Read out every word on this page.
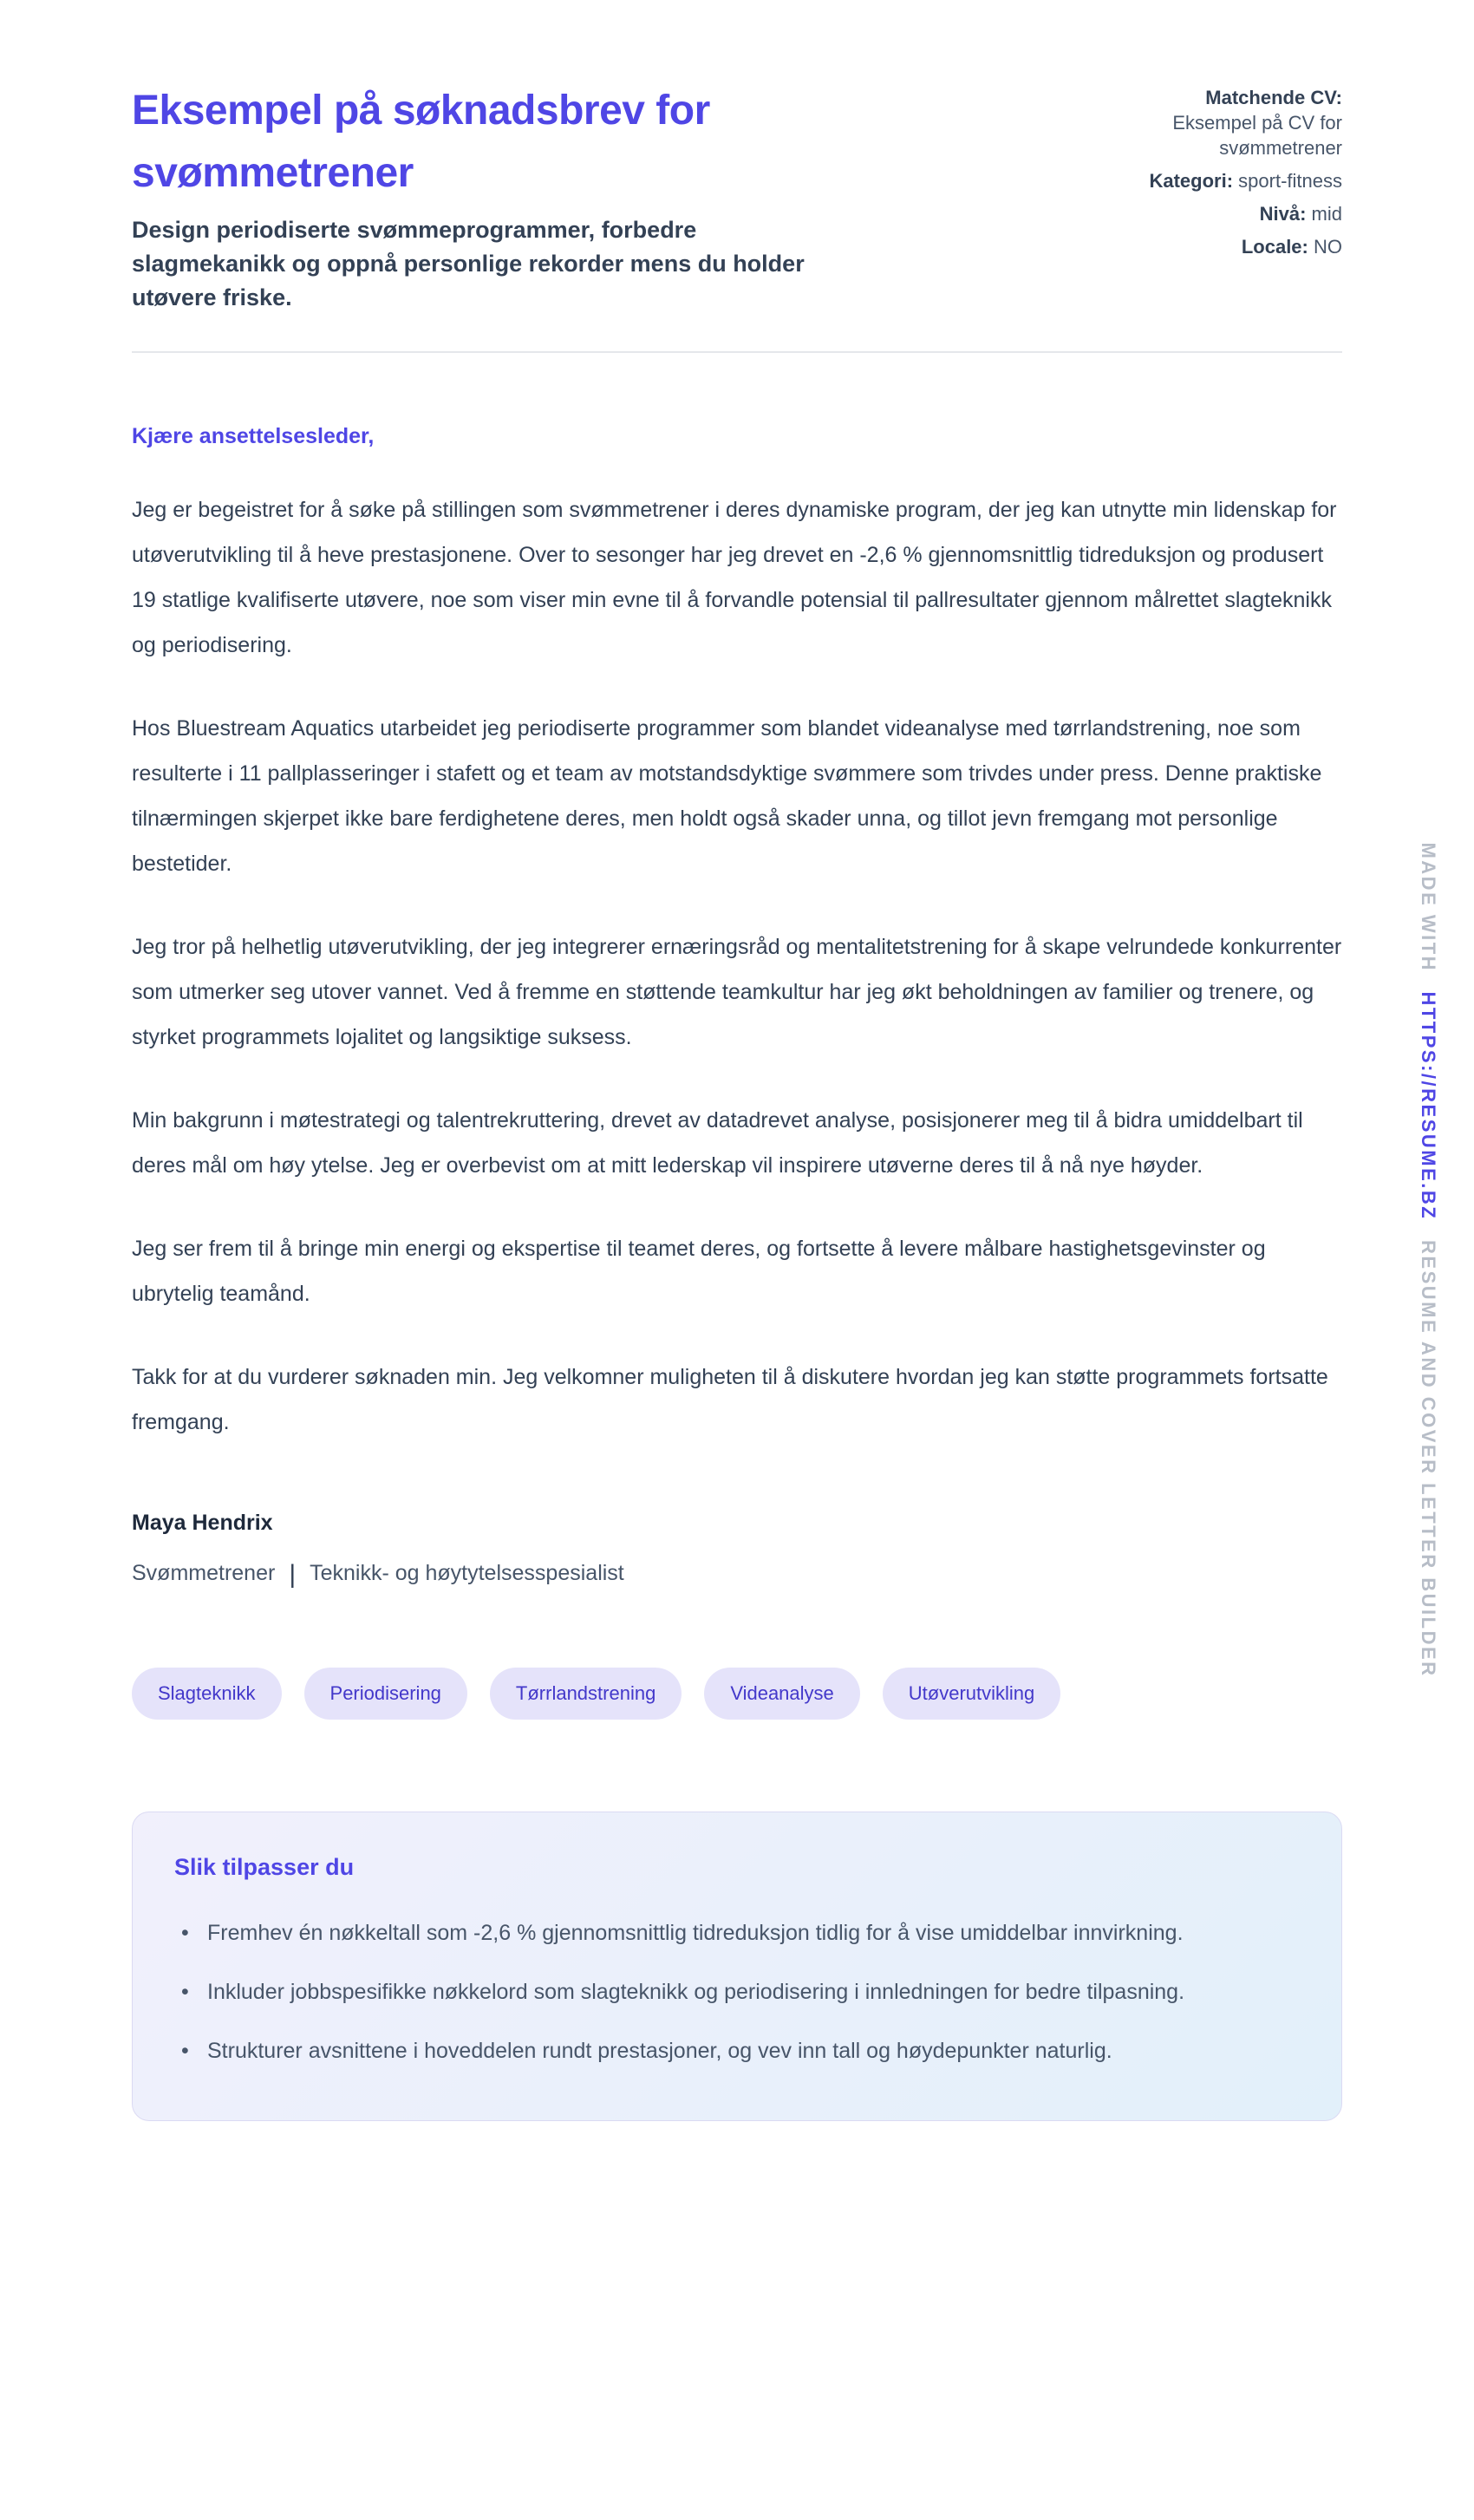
Eksempel på søknadsbrev for svømmetrener

Design periodiserte svømmeprogrammer, forbedre slagmekanikk og oppnå personlige rekorder mens du holder utøvere friske.

Matchende CV:
Eksempel på CV for svømmetrener
Kategori: sport-fitness
Nivå: mid
Locale: NO
Kjære ansettelsesleder,

Jeg er begeistret for å søke på stillingen som svømmetrener i deres dynamiske program, der jeg kan utnytte min lidenskap for utøverutvikling til å heve prestasjonene. Over to sesonger har jeg drevet en -2,6 % gjennomsnittlig tidreduksjon og produsert 19 statlige kvalifiserte utøvere, noe som viser min evne til å forvandle potensial til pallresultater gjennom målrettet slagteknikk og periodisering.

Hos Bluestream Aquatics utarbeidet jeg periodiserte programmer som blandet videanalyse med tørrlandstrening, noe som resulterte i 11 pallplasseringer i stafett og et team av motstandsdyktige svømmere som trivdes under press. Denne praktiske tilnærmingen skjerpet ikke bare ferdighetene deres, men holdt også skader unna, og tillot jevn fremgang mot personlige bestetider.

Jeg tror på helhetlig utøverutvikling, der jeg integrerer ernæringsråd og mentalitetstrening for å skape velrundede konkurrenter som utmerker seg utover vannet. Ved å fremme en støttende teamkultur har jeg økt beholdningen av familier og trenere, og styrket programmets lojalitet og langsiktige suksess.

Min bakgrunn i møtestrategi og talentrekruttering, drevet av datadrevet analyse, posisjonerer meg til å bidra umiddelbart til deres mål om høy ytelse. Jeg er overbevist om at mitt lederskap vil inspirere utøverne deres til å nå nye høyder.

Jeg ser frem til å bringe min energi og ekspertise til teamet deres, og fortsette å levere målbare hastighetsgevinster og ubrytelig teamånd.

Takk for at du vurderer søknaden min. Jeg velkomner muligheten til å diskutere hvordan jeg kan støtte programmets fortsatte fremgang.

Maya Hendrix
Svømmetrener | Teknikk- og høytytelsesspesialist
Slagteknikk	Periodisering	Tørrlandstrening	Videanalyse	Utøverutvikling
Slik tilpasser du
• Fremhev én nøkkeltall som -2,6 % gjennomsnittlig tidreduksjon tidlig for å vise umiddelbar innvirkning.
• Inkluder jobbspesifikke nøkkelord som slagteknikk og periodisering i innledningen for bedre tilpasning.
• Strukturer avsnittene i hoveddelen rundt prestasjoner, og vev inn tall og høydepunkter naturlig.
MADE WITH HTTPS://RESUME.BZ RESUME AND COVER LETTER BUILDER
